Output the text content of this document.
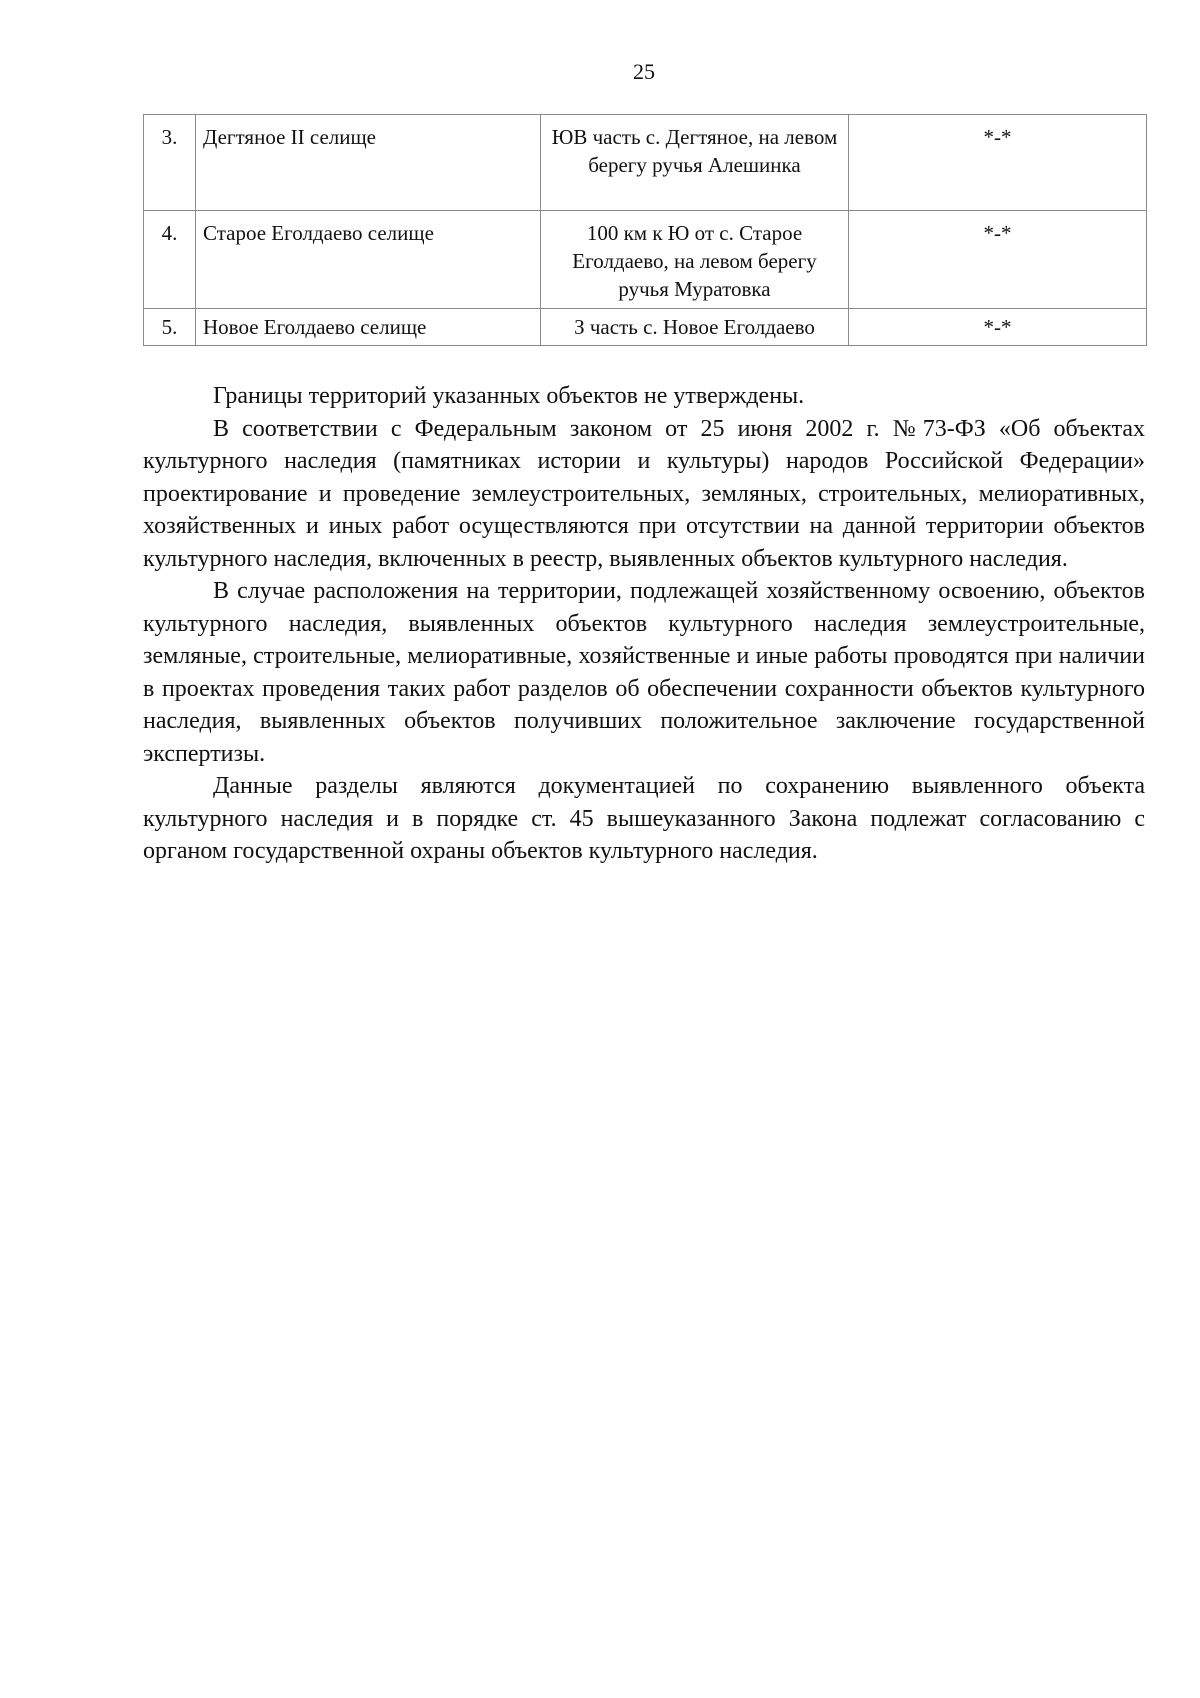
25
3.	Дегтяное II селище	ЮВ часть с. Дегтяное, на левом берегу ручья Алешинка	*-*
4.	Старое Еголдаево селище	100 км к Ю от с. Старое Еголдаево, на левом берегу ручья Муратовка	*-*
5.	Новое Еголдаево селище	З часть с. Новое Еголдаево	*-*

Границы территорий указанных объектов не утверждены.

В соответствии с Федеральным законом от 25 июня 2002 г. №73-ФЗ «Об объектах культурного наследия (памятниках истории и культуры) народов Российской Федерации» проектирование и проведение землеустроительных, земляных, строительных, мелиоративных, хозяйственных и иных работ осуществляются при отсутствии на данной территории объектов культурного наследия, включенных в реестр, выявленных объектов культурного наследия.

В случае расположения на территории, подлежащей хозяйственному освоению, объектов культурного наследия, выявленных объектов культурного наследия землеустроительные, земляные, строительные, мелиоративные, хозяйственные и иные работы проводятся при наличии в проектах проведения таких работ разделов об обеспечении сохранности объектов культурного наследия, выявленных объектов получивших положительное заключение государственной экспертизы.

Данные разделы являются документацией по сохранению выявленного объекта культурного наследия и в порядке ст. 45 вышеуказанного Закона подлежат согласованию с органом государственной охраны объектов культурного наследия.
